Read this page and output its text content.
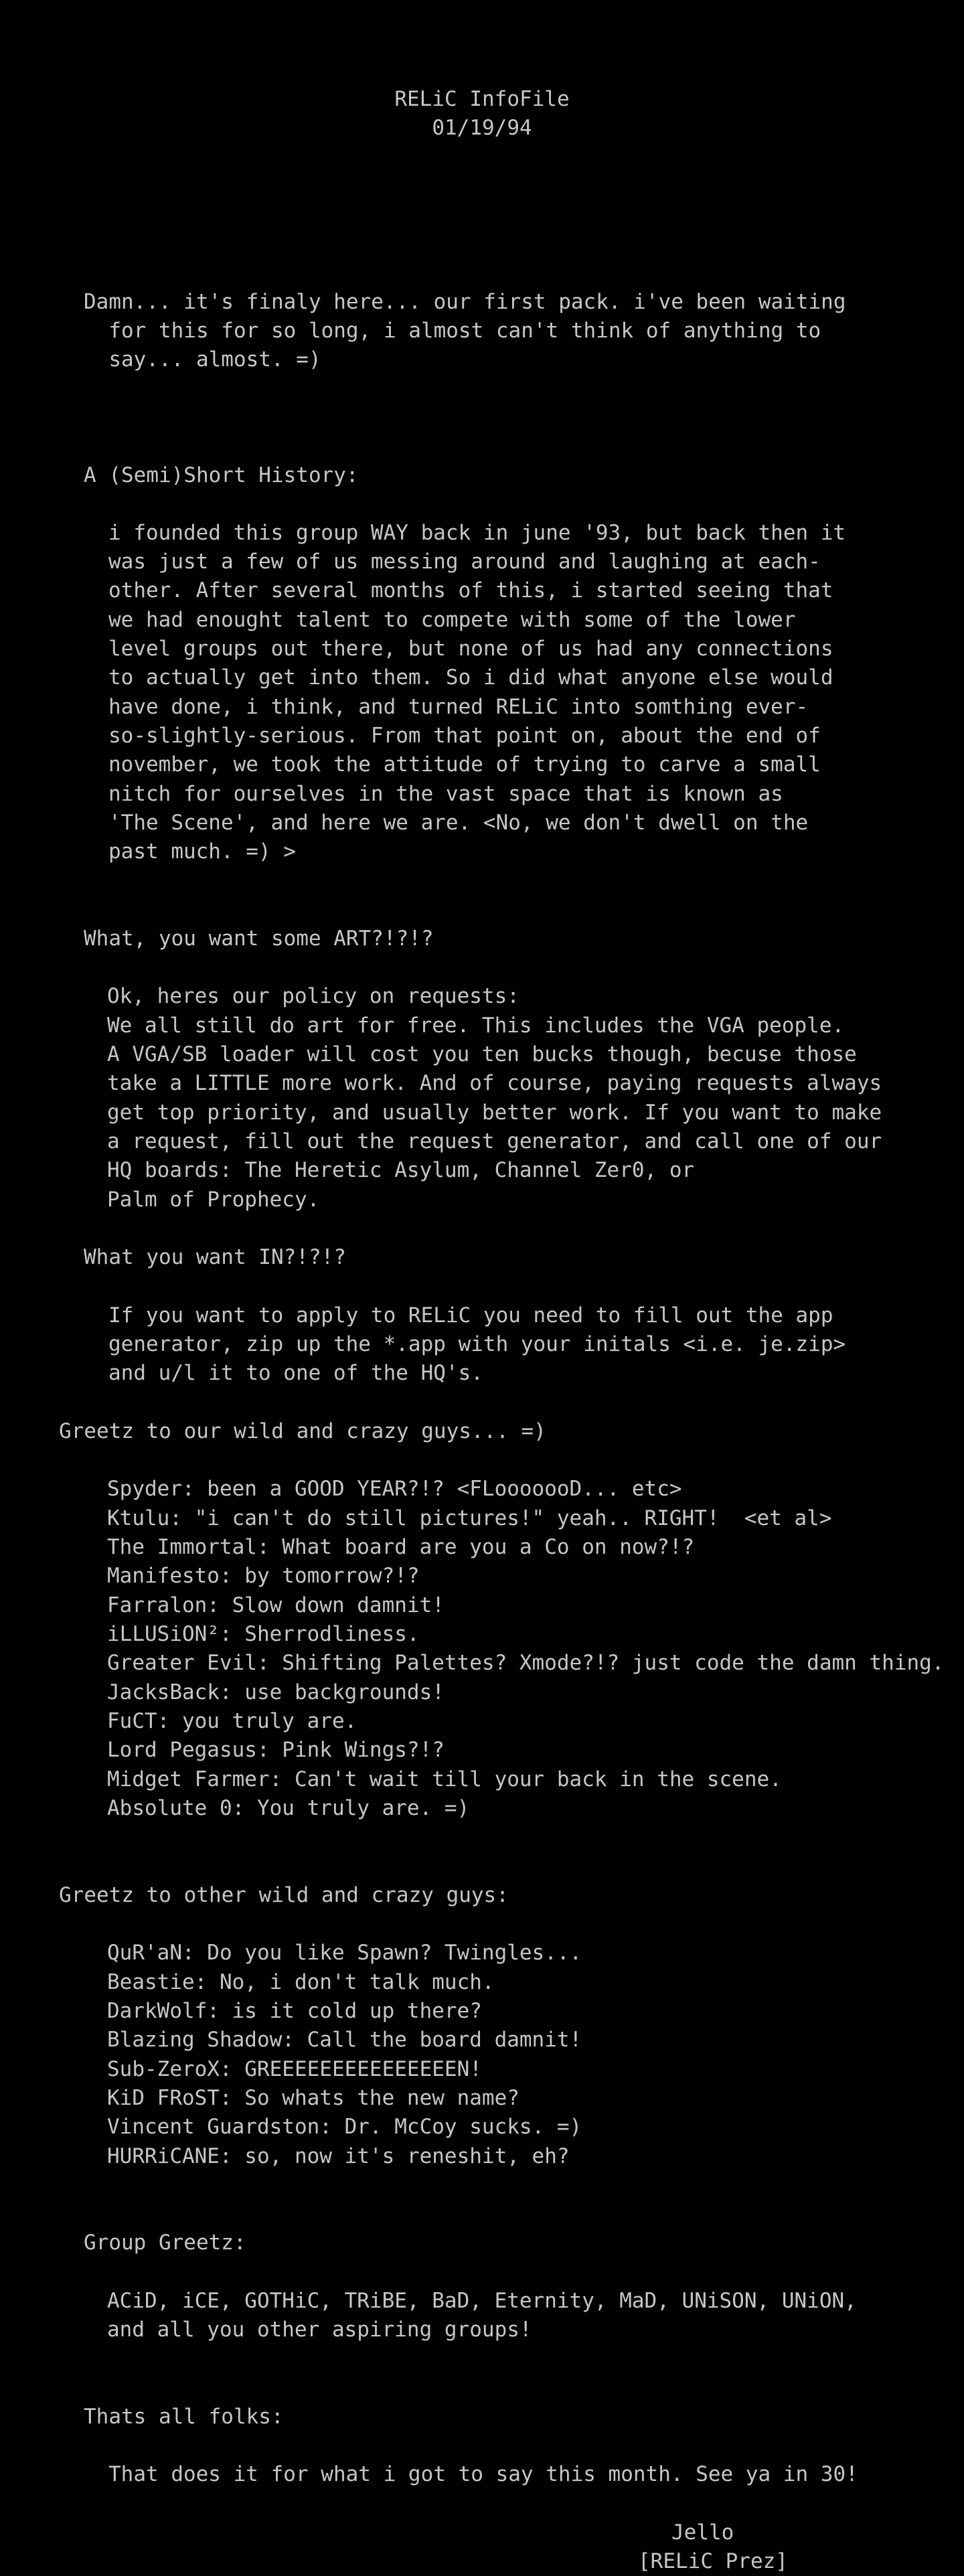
RELiC InfoFile
01/19/94
Damn... it's finaly here... our first pack. i've been waiting
for this for so long, i almost can't think of anything to
say... almost. =)
A (Semi)Short History:
i founded this group WAY back in june '93, but back then it
was just a few of us messing around and laughing at each-
other. After several months of this, i started seeing that
we had enought talent to compete with some of the lower
level groups out there, but none of us had any connections
to actually get into them. So i did what anyone else would
have done, i think, and turned RELiC into somthing ever-
so-slightly-serious. From that point on, about the end of
november, we took the attitude of trying to carve a small
nitch for ourselves in the vast space that is known as
'The Scene', and here we are. <No, we don't dwell on the
past much. =) >
What, you want some ART?!?!?
Ok, heres our policy on requests:
We all still do art for free. This includes the VGA people.
A VGA/SB loader will cost you ten bucks though, becuse those
take a LITTLE more work. And of course, paying requests always
get top priority, and usually better work. If you want to make
a request, fill out the request generator, and call one of our
HQ boards: The Heretic Asylum, Channel Zer0, or
Palm of Prophecy.
What you want IN?!?!?
If you want to apply to RELiC you need to fill out the app
generator, zip up the *.app with your initals <i.e. je.zip>
and u/l it to one of the HQ's.
Greetz to our wild and crazy guys... =)
Spyder: been a GOOD YEAR?!? <FLooooooD... etc>
Ktulu: "i can't do still pictures!" yeah.. RIGHT!  <et al>
The Immortal: What board are you a Co on now?!?
Manifesto: by tomorrow?!?
Farralon: Slow down damnit!
iLLUSiON²: Sherrodliness.
Greater Evil: Shifting Palettes? Xmode?!? just code the damn thing.
JacksBack: use backgrounds!
FuCT: you truly are.
Lord Pegasus: Pink Wings?!?
Midget Farmer: Can't wait till your back in the scene.
Absolute 0: You truly are. =)
Greetz to other wild and crazy guys:
QuR'aN: Do you like Spawn? Twingles...
Beastie: No, i don't talk much.
DarkWolf: is it cold up there?
Blazing Shadow: Call the board damnit!
Sub-ZeroX: GREEEEEEEEEEEEEEEN!
KiD FRoST: So whats the new name?
Vincent Guardston: Dr. McCoy sucks. =)
HURRiCANE: so, now it's reneshit, eh?
Group Greetz:
ACiD, iCE, GOTHiC, TRiBE, BaD, Eternity, MaD, UNiSON, UNiON,
and all you other aspiring groups!
Thats all folks:
That does it for what i got to say this month. See ya in 30!
Jello
[RELiC Prez]
